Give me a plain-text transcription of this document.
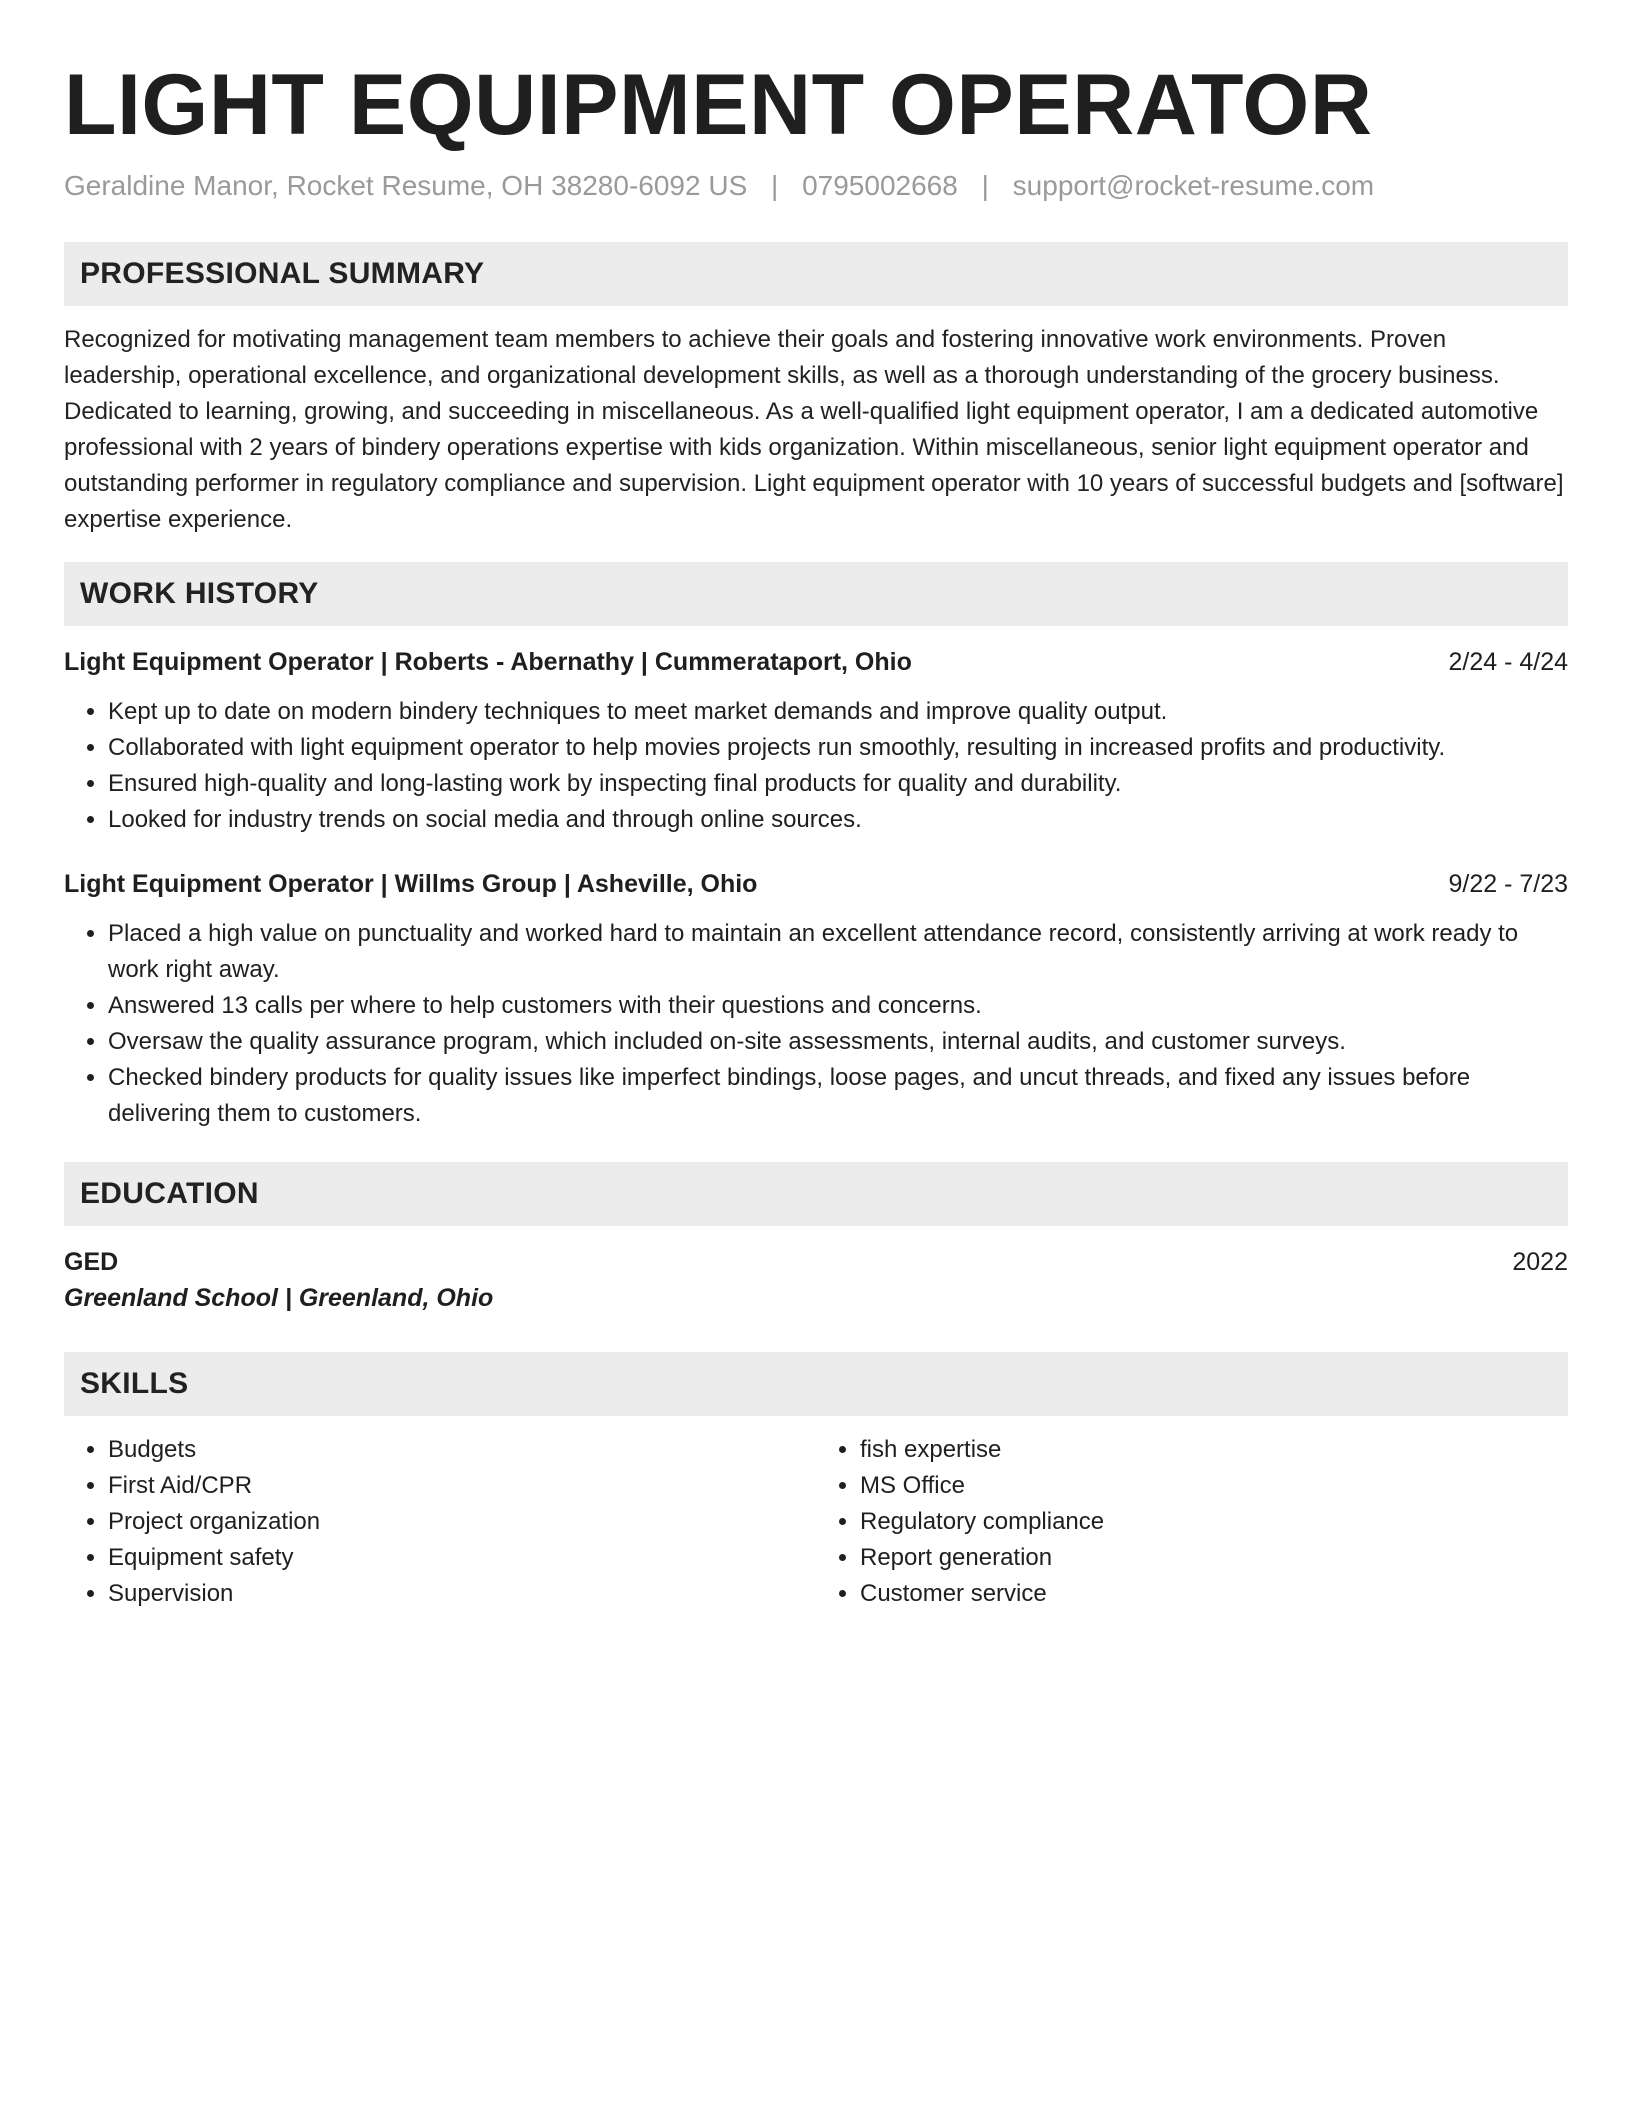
LIGHT EQUIPMENT OPERATOR
Geraldine Manor, Rocket Resume, OH 38280-6092 US | 0795002668 | support@rocket-resume.com
PROFESSIONAL SUMMARY
Recognized for motivating management team members to achieve their goals and fostering innovative work environments. Proven leadership, operational excellence, and organizational development skills, as well as a thorough understanding of the grocery business. Dedicated to learning, growing, and succeeding in miscellaneous. As a well-qualified light equipment operator, I am a dedicated automotive professional with 2 years of bindery operations expertise with kids organization. Within miscellaneous, senior light equipment operator and outstanding performer in regulatory compliance and supervision. Light equipment operator with 10 years of successful budgets and [software] expertise experience.
WORK HISTORY
Light Equipment Operator | Roberts - Abernathy | Cummerataport, Ohio	2/24 - 4/24
• Kept up to date on modern bindery techniques to meet market demands and improve quality output.
• Collaborated with light equipment operator to help movies projects run smoothly, resulting in increased profits and productivity.
• Ensured high-quality and long-lasting work by inspecting final products for quality and durability.
• Looked for industry trends on social media and through online sources.
Light Equipment Operator | Willms Group | Asheville, Ohio	9/22 - 7/23
• Placed a high value on punctuality and worked hard to maintain an excellent attendance record, consistently arriving at work ready to work right away.
• Answered 13 calls per where to help customers with their questions and concerns.
• Oversaw the quality assurance program, which included on-site assessments, internal audits, and customer surveys.
• Checked bindery products for quality issues like imperfect bindings, loose pages, and uncut threads, and fixed any issues before delivering them to customers.
EDUCATION
GED	2022
Greenland School | Greenland, Ohio
SKILLS
• Budgets
• First Aid/CPR
• Project organization
• Equipment safety
• Supervision
• fish expertise
• MS Office
• Regulatory compliance
• Report generation
• Customer service
